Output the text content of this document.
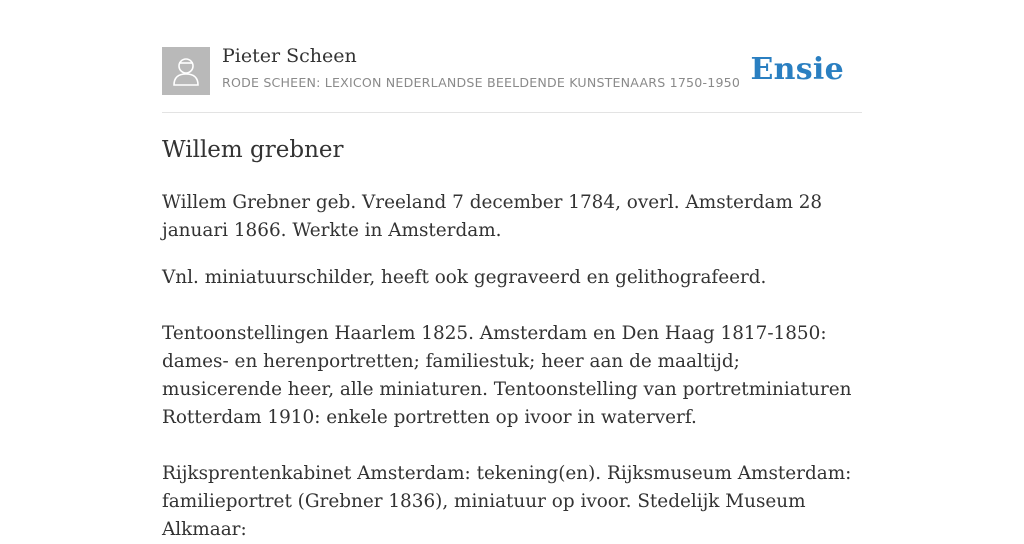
Pieter Scheen
RODE SCHEEN: LEXICON NEDERLANDSE BEELDENDE KUNSTENAARS 1750-1950 Ensie
Willem grebner

Willem Grebner geb. Vreeland 7 december 1784, overl. Amsterdam 28 januari 1866. Werkte in Amsterdam.

Vnl. miniatuurschilder, heeft ook gegraveerd en gelithografeerd.

Tentoonstellingen Haarlem 1825. Amsterdam en Den Haag 1817-1850: dames- en herenportretten; familiestuk; heer aan de maaltijd; musicerende heer, alle miniaturen. Tentoonstelling van portretminiaturen Rotterdam 1910: enkele portretten op ivoor in waterverf.

Rijksprentenkabinet Amsterdam: tekening(en). Rijksmuseum Amsterdam: familieportret (Grebner 1836), miniatuur op ivoor. Stedelijk Museum Alkmaar:
